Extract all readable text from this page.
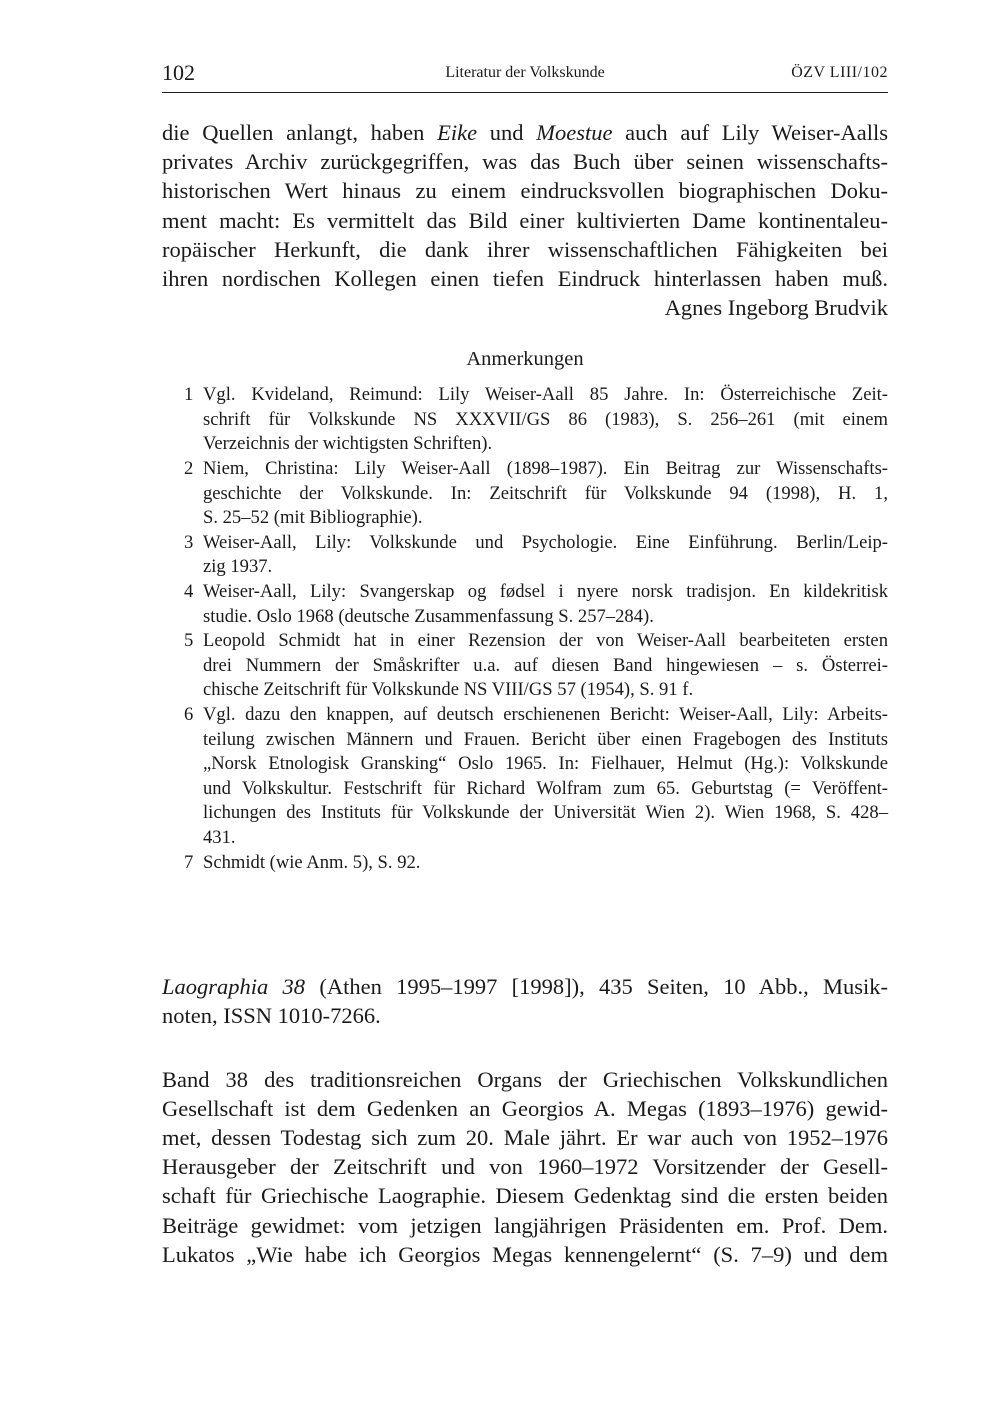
102	Literatur der Volkskunde	ÖZV LIII/102
die Quellen anlangt, haben Eike und Moestue auch auf Lily Weiser-Aalls
privates Archiv zurückgegriffen, was das Buch über seinen wissenschafts-
historischen Wert hinaus zu einem eindrucksvollen biographischen Doku-
ment macht: Es vermittelt das Bild einer kultivierten Dame kontinentaleu-
ropäischer Herkunft, die dank ihrer wissenschaftlichen Fähigkeiten bei
ihren nordischen Kollegen einen tiefen Eindruck hinterlassen haben muß.
Agnes Ingeborg Brudvik
Anmerkungen
1 Vgl. Kvideland, Reimund: Lily Weiser-Aall 85 Jahre. In: Österreichische Zeit-
schrift für Volkskunde NS XXXVII/GS 86 (1983), S. 256–261 (mit einem
Verzeichnis der wichtigsten Schriften).
2 Niem, Christina: Lily Weiser-Aall (1898–1987). Ein Beitrag zur Wissenschafts-
geschichte der Volkskunde. In: Zeitschrift für Volkskunde 94 (1998), H. 1,
S. 25–52 (mit Bibliographie).
3 Weiser-Aall, Lily: Volkskunde und Psychologie. Eine Einführung. Berlin/Leip-
zig 1937.
4 Weiser-Aall, Lily: Svangerskap og fødsel i nyere norsk tradisjon. En kildekritisk
studie. Oslo 1968 (deutsche Zusammenfassung S. 257–284).
5 Leopold Schmidt hat in einer Rezension der von Weiser-Aall bearbeiteten ersten
drei Nummern der Småskrifter u.a. auf diesen Band hingewiesen – s. Österrei-
chische Zeitschrift für Volkskunde NS VIII/GS 57 (1954), S. 91 f.
6 Vgl. dazu den knappen, auf deutsch erschienenen Bericht: Weiser-Aall, Lily: Arbeits-
teilung zwischen Männern und Frauen. Bericht über einen Fragebogen des Instituts
„Norsk Etnologisk Gransking“ Oslo 1965. In: Fielhauer, Helmut (Hg.): Volkskunde
und Volkskultur. Festschrift für Richard Wolfram zum 65. Geburtstag (= Veröffent-
lichungen des Instituts für Volkskunde der Universität Wien 2). Wien 1968, S. 428–
431.
7 Schmidt (wie Anm. 5), S. 92.
Laographia 38 (Athen 1995–1997 [1998]), 435 Seiten, 10 Abb., Musik-
noten, ISSN 1010-7266.
Band 38 des traditionsreichen Organs der Griechischen Volkskundlichen
Gesellschaft ist dem Gedenken an Georgios A. Megas (1893–1976) gewid-
met, dessen Todestag sich zum 20. Male jährt. Er war auch von 1952–1976
Herausgeber der Zeitschrift und von 1960–1972 Vorsitzender der Gesell-
schaft für Griechische Laographie. Diesem Gedenktag sind die ersten beiden
Beiträge gewidmet: vom jetzigen langjährigen Präsidenten em. Prof. Dem.
Lukatos „Wie habe ich Georgios Megas kennengelernt“ (S. 7–9) und dem
